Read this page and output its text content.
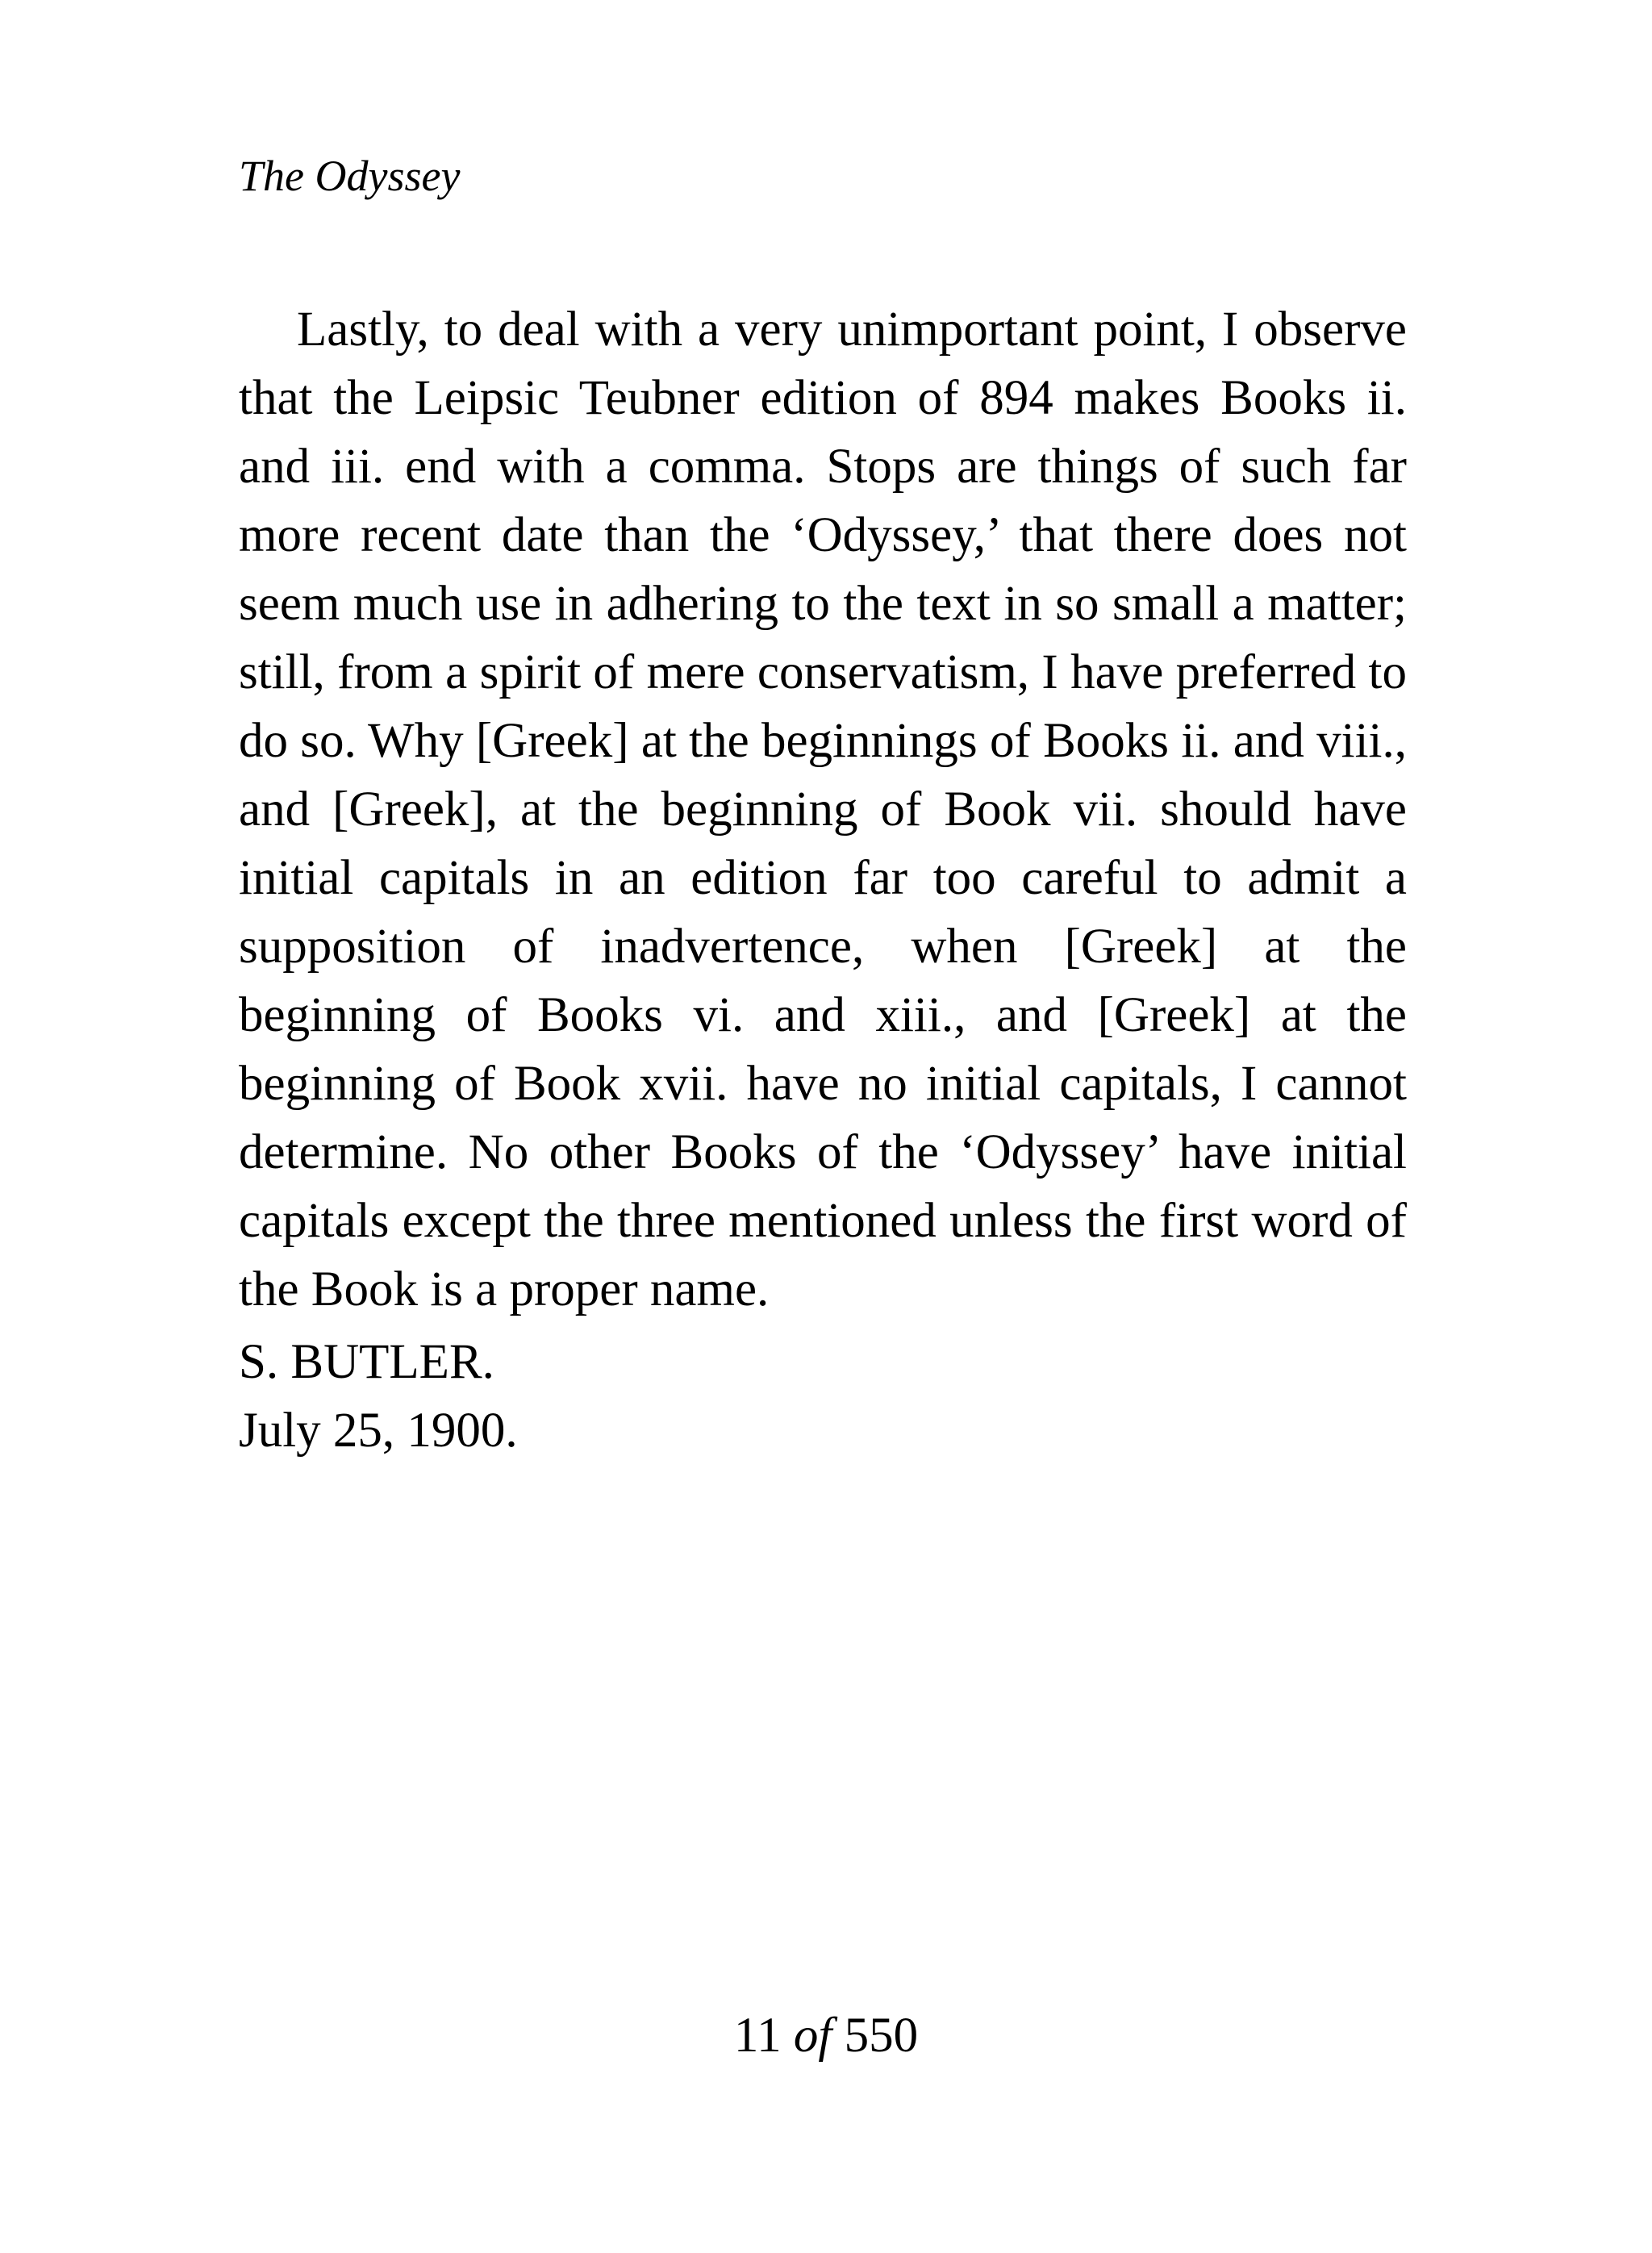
The Odyssey

Lastly, to deal with a very unimportant point, I observe that the Leipsic Teubner edition of 894 makes Books ii. and iii. end with a comma. Stops are things of such far more recent date than the ‘Odyssey,’ that there does not seem much use in adhering to the text in so small a matter; still, from a spirit of mere conservatism, I have preferred to do so. Why [Greek] at the beginnings of Books ii. and viii., and [Greek], at the beginning of Book vii. should have initial capitals in an edition far too careful to admit a supposition of inadvertence, when [Greek] at the beginning of Books vi. and xiii., and [Greek] at the beginning of Book xvii. have no initial capitals, I cannot determine. No other Books of the ‘Odyssey’ have initial capitals except the three mentioned unless the first word of the Book is a proper name.

S. BUTLER.
July 25, 1900.
11 of 550
